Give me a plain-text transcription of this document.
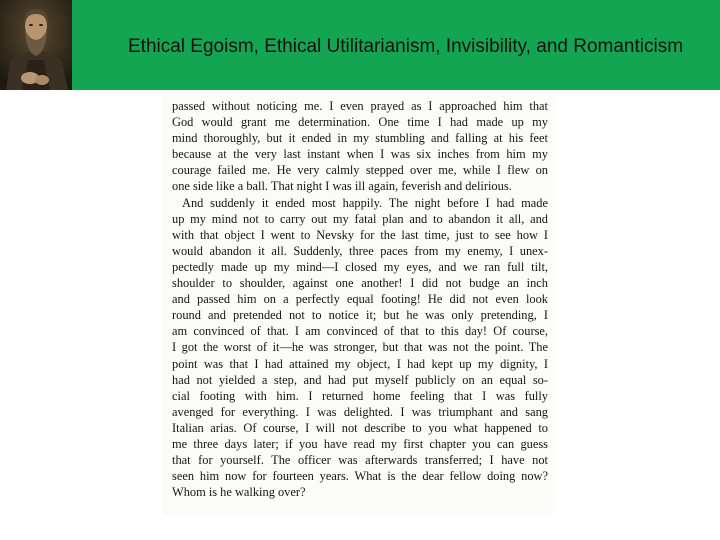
Ethical Egoism, Ethical Utilitarianism, Invisibility, and Romanticism
passed without noticing me. I even prayed as I approached him that
God would grant me determination. One time I had made up my
mind thoroughly, but it ended in my stumbling and falling at his feet
because at the very last instant when I was six inches from him my
courage failed me. He very calmly stepped over me, while I flew on
one side like a ball. That night I was ill again, feverish and delirious.
And suddenly it ended most happily. The night before I had made
up my mind not to carry out my fatal plan and to abandon it all, and
with that object I went to Nevsky for the last time, just to see how I
would abandon it all. Suddenly, three paces from my enemy, I unex-
pectedly made up my mind—I closed my eyes, and we ran full tilt,
shoulder to shoulder, against one another! I did not budge an inch
and passed him on a perfectly equal footing! He did not even look
round and pretended not to notice it; but he was only pretending, I
am convinced of that. I am convinced of that to this day! Of course,
I got the worst of it—he was stronger, but that was not the point. The
point was that I had attained my object, I had kept up my dignity, I
had not yielded a step, and had put myself publicly on an equal so-
cial footing with him. I returned home feeling that I was fully
avenged for everything. I was delighted. I was triumphant and sang
Italian arias. Of course, I will not describe to you what happened to
me three days later; if you have read my first chapter you can guess
that for yourself. The officer was afterwards transferred; I have not
seen him now for fourteen years. What is the dear fellow doing now?
Whom is he walking over?
